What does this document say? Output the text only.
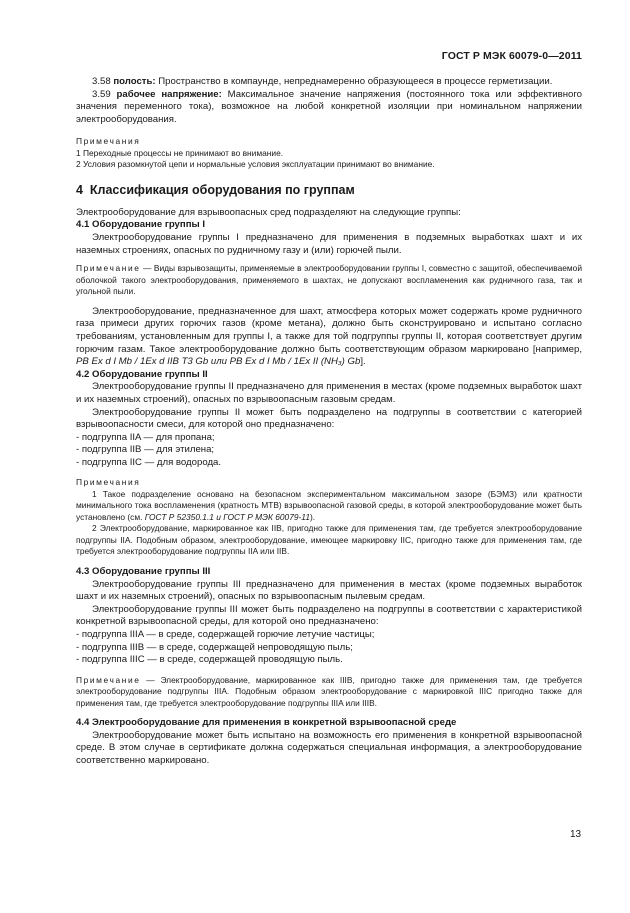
ГОСТ Р МЭК 60079-0—2011

3.58 полость: Пространство в компаунде, непреднамеренно образующееся в процессе герметизации.

3.59 рабочее напряжение: Максимальное значение напряжения (постоянного тока или эффективного значения переменного тока), возможное на любой конкретной изоляции при номинальном напряжении электрооборудования.

Примечания

1 Переходные процессы не принимают во внимание.

2 Условия разомкнутой цепи и нормальные условия эксплуатации принимают во внимание.

4 Классификация оборудования по группам

Электрооборудование для взрывоопасных сред подразделяют на следующие группы:

4.1 Оборудование группы I

Электрооборудование группы I предназначено для применения в подземных выработках шахт и их наземных строениях, опасных по рудничному газу и (или) горючей пыли.

Примечание — Виды взрывозащиты, применяемые в электрооборудовании группы I, совместно с защитой, обеспечиваемой оболочкой такого электрооборудования, применяемого в шахтах, не допускают воспламенения как рудничного газа, так и угольной пыли.

Электрооборудование, предназначенное для шахт, атмосфера которых может содержать кроме рудничного газа примеси других горючих газов (кроме метана), должно быть сконструировано и испытано согласно требованиям, установленным для группы I, а также для той подгруппы группы II, которая соответствует другим горючим газам. Такое электрооборудование должно быть соответствующим образом маркировано [например, PB Ex d I Mb / 1Ex d IIB T3 Gb или PB Ex d I Mb / 1Ex II (NH₃) Gb].

4.2 Оборудование группы II

Электрооборудование группы II предназначено для применения в местах (кроме подземных выработок шахт и их наземных строений), опасных по взрывоопасным газовым средам.

Электрооборудование группы II может быть подразделено на подгруппы в соответствии с категорией взрывоопасности смеси, для которой оно предназначено:

- подгруппа IIA — для пропана;

- подгруппа IIB — для этилена;

- подгруппа IIC — для водорода.

Примечания

1 Такое подразделение основано на безопасном экспериментальном максимальном зазоре (БЭМЗ) или кратности минимального тока воспламенения (кратность МТВ) взрывоопасной газовой среды, в которой электрооборудование может быть установлено (см. ГОСТ Р 52350.1.1 и ГОСТ Р МЭК 60079-11).

2 Электрооборудование, маркированное как IIB, пригодно также для применения там, где требуется электрооборудование подгруппы IIA. Подобным образом, электрооборудование, имеющее маркировку IIC, пригодно также для применения там, где требуется электрооборудование подгруппы IIA или IIB.

4.3 Оборудование группы III

Электрооборудование группы III предназначено для применения в местах (кроме подземных выработок шахт и их наземных строений), опасных по взрывоопасным пылевым средам.

Электрооборудование группы III может быть подразделено на подгруппы в соответствии с характеристикой конкретной взрывоопасной среды, для которой оно предназначено:

- подгруппа IIIA — в среде, содержащей горючие летучие частицы;

- подгруппа IIIB — в среде, содержащей непроводящую пыль;

- подгруппа IIIC — в среде, содержащей проводящую пыль.

Примечание — Электрооборудование, маркированное как IIIB, пригодно также для применения там, где требуется электрооборудование подгруппы IIIA. Подобным образом электрооборудование с маркировкой IIIC пригодно также для применения там, где требуется электрооборудование подгруппы IIIA или IIIB.

4.4 Электрооборудование для применения в конкретной взрывоопасной среде

Электрооборудование может быть испытано на возможность его применения в конкретной взрывоопасной среде. В этом случае в сертификате должна содержаться специальная информация, а электрооборудование соответственно маркировано.

13
